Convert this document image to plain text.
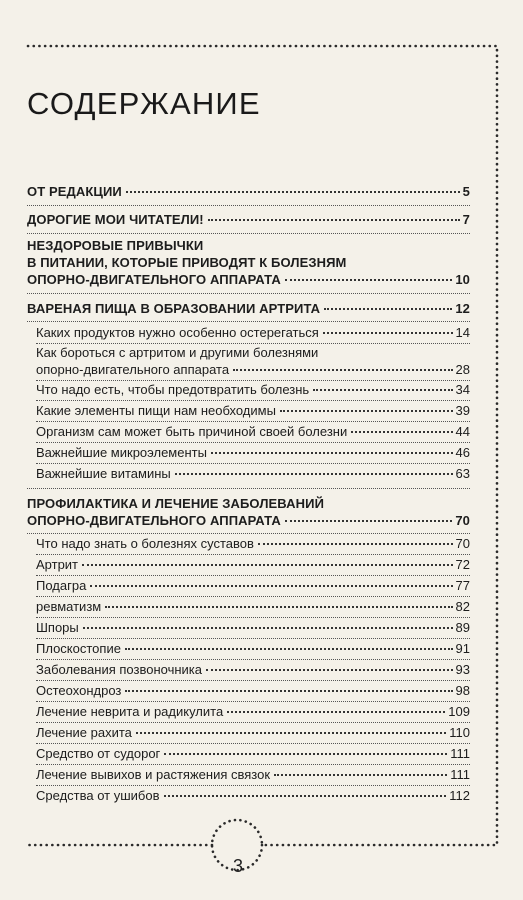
СОДЕРЖАНИЕ
ОТ РЕДАКЦИИ	5
ДОРОГИЕ МОИ ЧИТАТЕЛИ!	7
НЕЗДОРОВЫЕ ПРИВЫЧКИ
В ПИТАНИИ, КОТОРЫЕ ПРИВОДЯТ К БОЛЕЗНЯМ
ОПОРНО-ДВИГАТЕЛЬНОГО АППАРАТА	10
ВАРЕНАЯ ПИЩА В ОБРАЗОВАНИИ АРТРИТА	12
Каких продуктов нужно особенно остерегаться	14
Как бороться с артритом и другими болезнями
опорно-двигательного аппарата	28
Что надо есть, чтобы предотвратить болезнь	34
Какие элементы пищи нам необходимы	39
Организм сам может быть причиной своей болезни	44
Важнейшие микроэлементы	46
Важнейшие витамины	63
ПРОФИЛАКТИКА И ЛЕЧЕНИЕ ЗАБОЛЕВАНИЙ
ОПОРНО-ДВИГАТЕЛЬНОГО АППАРАТА	70
Что надо знать о болезнях суставов	70
Артрит	72
Подагра	77
ревматизм	82
Шпоры	89
Плоскостопие	91
Заболевания позвоночника	93
Остеохондроз	98
Лечение неврита и радикулита	109
Лечение рахита	110
Средство от судорог	111
Лечение вывихов и растяжения связок	111
Средства от ушибов	112
3
